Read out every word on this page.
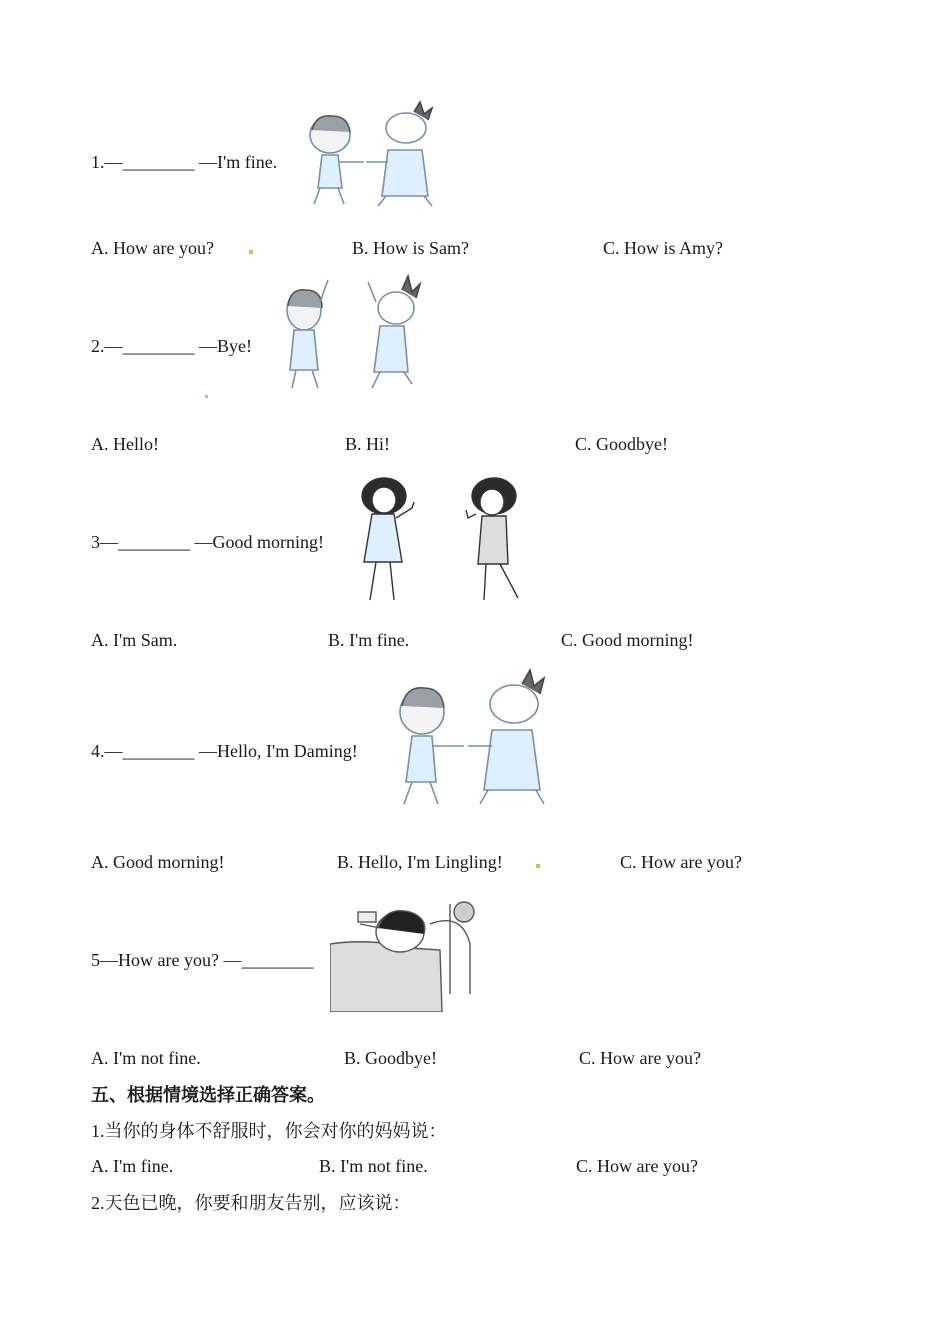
1.—________ —I'm fine.
A. How are you?	B. How is Sam?	C. How is Amy?
2.—________ —Bye!
A. Hello!	B. Hi!	C. Goodbye!
3—________ —Good morning!
A. I'm Sam.	B. I'm fine.	C. Good morning!
4.—________ —Hello, I'm Daming!
A. Good morning!	B. Hello, I'm Lingling!	C. How are you?
5—How are you? —________
A. I'm not fine.	B. Goodbye!	C. How are you?
五、根据情境选择正确答案。
1.当你的身体不舒服时，你会对你的妈妈说：
A. I'm fine.	B. I'm not fine.	C. How are you?
2.天色已晚，你要和朋友告别，应该说：
